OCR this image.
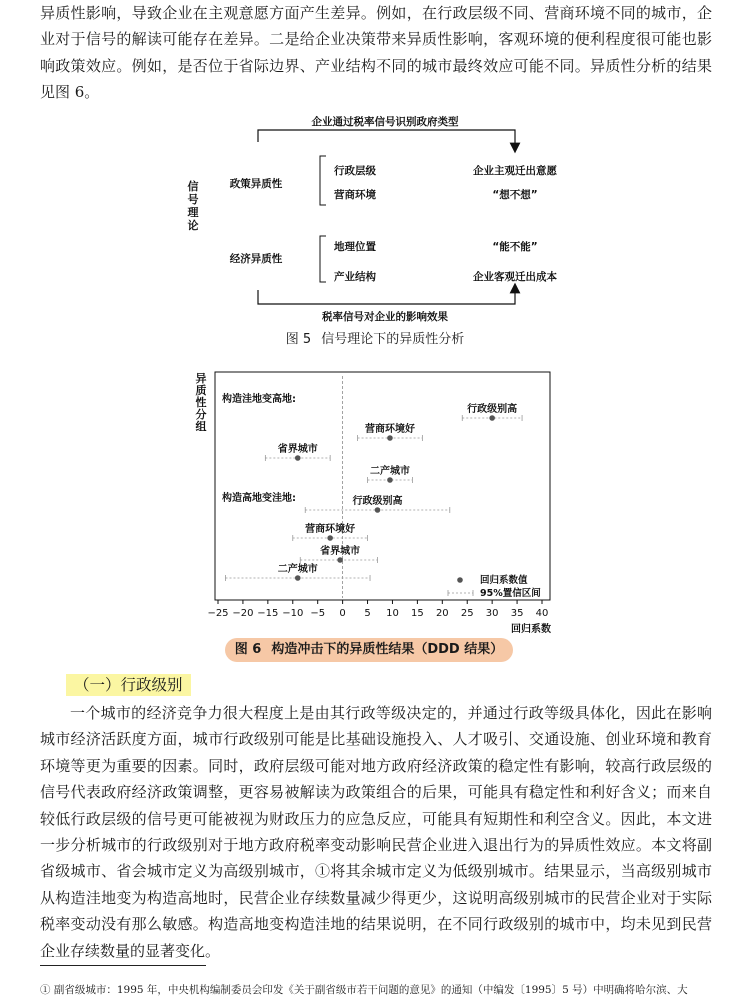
异质性影响，导致企业在主观意愿方面产生差异。例如，在行政层级不同、营商环境不同的城市，企业对于信号的解读可能存在差异。二是给企业决策带来异质性影响，客观环境的便利程度很可能也影响政策效应。例如，是否位于省际边界、产业结构不同的城市最终效应可能不同。异质性分析的结果见图 6。

企业通过税率信号识别政府类型
税率信号对企业的影响效果
信
号
理
论
政策异质性
经济异质性
行政层级
营商环境
地理位置
产业结构
企业主观迁出意愿
“想不想”
“能不能”
企业客观迁出成本
图 5 信号理论下的异质性分析
异质性分组
−25 −20 −15 −10 −5 0 5 10 15 20 25 30 35 40
构造洼地变高地:
构造高地变洼地:
行政级别高
营商环境好
省界城市
二产城市
行政级别高
营商环境好
省界城市
二产城市
回归系数值
95%置信区间
回归系数
图 6 构造冲击下的异质性结果（DDD 结果）
（一）行政级别

一个城市的经济竞争力很大程度上是由其行政等级决定的，并通过行政等级具体化，因此在影响城市经济活跃度方面，城市行政级别可能是比基础设施投入、人才吸引、交通设施、创业环境和教育环境等更为重要的因素。同时，政府层级可能对地方政府经济政策的稳定性有影响，较高行政层级的信号代表政府经济政策调整，更容易被解读为政策组合的后果，可能具有稳定性和利好含义；而来自较低行政层级的信号更可能被视为财政压力的应急反应，可能具有短期性和利空含义。因此，本文进一步分析城市的行政级别对于地方政府税率变动影响民营企业进入退出行为的异质性效应。本文将副省级城市、省会城市定义为高级别城市，①将其余城市定义为低级别城市。结果显示，当高级别城市从构造洼地变为构造高地时，民营企业存续数量减少得更少，这说明高级别城市的民营企业对于实际税率变动没有那么敏感。构造高地变构造洼地的结果说明，在不同行政级别的城市中，均未见到民营企业存续数量的显著变化。

① 副省级城市：1995 年，中央机构编制委员会印发《关于副省级市若干问题的意见》的通知（中编发〔1995〕5 号）中明确将哈尔滨、大
